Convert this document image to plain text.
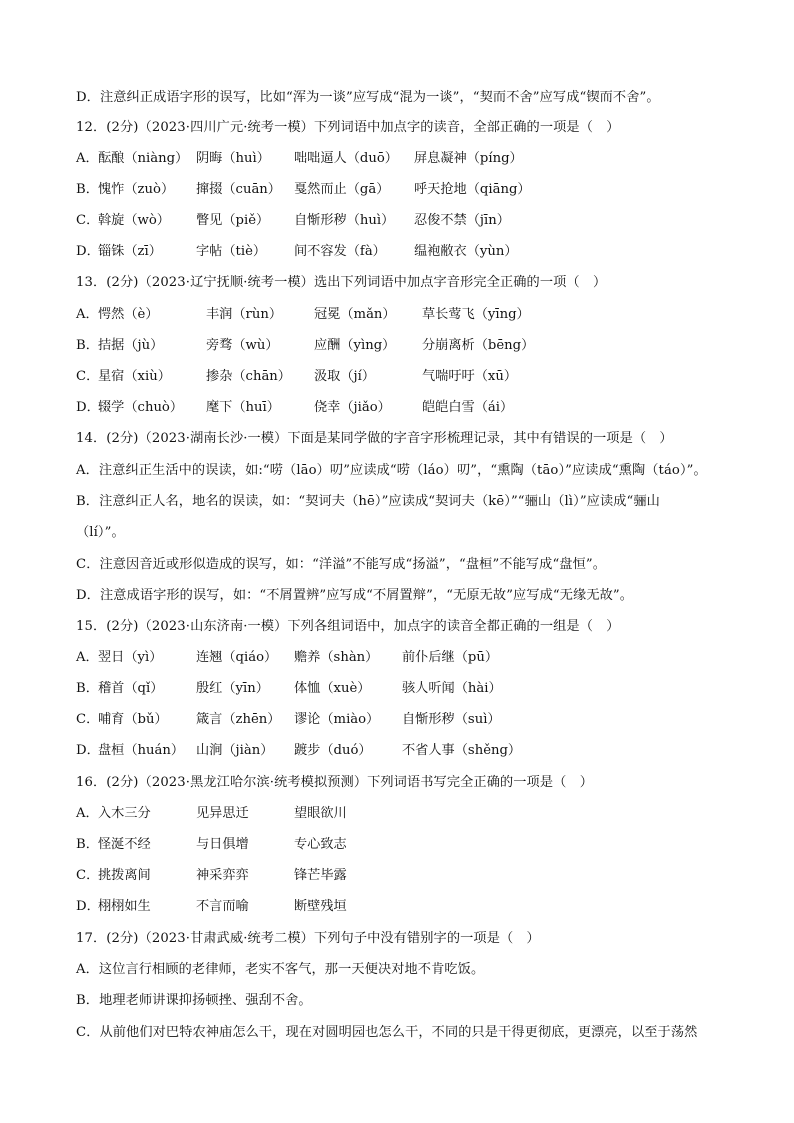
D．注意纠正成语字形的误写，比如“浑为一谈”应写成“混为一谈”，“契而不舍”应写成“锲而不舍”。
12．(2分)（2023·四川广元·统考一模）下列词语中加点字的读音，全部正确的一项是（　）
A．酝酿（niàng） 阴晦（huì） 咄咄逼人（duō） 屏息凝神（píng）
B．愧怍（zuò） 撺掇（cuān） 戛然而止（gā） 呼天抢地（qiāng）
C．斡旋（wò） 瞥见（piě） 自惭形秽（huì） 忍俊不禁（jīn）
D．锱铢（zī）	字帖（tiè） 间不容发（fà） 缊袍敝衣（yùn）
13．(2分)（2023·辽宁抚顺·统考一模）选出下列词语中加点字音形完全正确的一项（　）
A．愕然（è）	丰润（rùn） 冠冕（mǎn） 草长莺飞（yīng）
B．拮据（jù）	旁骛（wù）	应酬（yìng） 分崩离析（bēng）
C．星宿（xiù）	掺杂（chān） 汲取（jí）	气喘吁吁（xū）
D．辍学（chuò） 麾下（huī）	侥幸（jiǎo） 皑皑白雪（ái）
14．(2分)（2023·湖南长沙·一模）下面是某同学做的字音字形梳理记录，其中有错误的一项是（　）
A．注意纠正生活中的误读，如:“唠（lāo）叨”应读成“唠（láo）叨”，“熏陶（tāo）”应读成“熏陶（táo）”。
B．注意纠正人名，地名的误读，如：“契诃夫（hē）”应读成“契诃夫（kē）”“骊山（lì）”应读成“骊山
（lí）”。
C．注意因音近或形似造成的误写，如：“洋溢”不能写成“扬溢”，“盘桓”不能写成“盘恒”。
D．注意成语字形的误写，如：“不屑置辨”应写成“不屑置辩”，“无原无故”应写成“无缘无故”。
15．(2分)（2023·山东济南·一模）下列各组词语中，加点字的读音全都正确的一组是（　）
A．翌日（yì）	连翘（qiáo） 赡养（shàn） 前仆后继（pū）
B．稽首（qǐ） 殷红（yīn） 体恤（xuè） 骇人听闻（hài）
C．哺育（bǔ） 箴言（zhēn） 谬论（miào） 自惭形秽（suì）
D．盘桓（huán） 山涧（jiàn） 踱步（duó） 不省人事（shěng）
16．(2分)（2023·黑龙江哈尔滨·统考模拟预测）下列词语书写完全正确的一项是（　）
A．入木三分	见异思迁	望眼欲川
B．怪涎不经	与日俱增	专心致志
C．挑拨离间	神采弈弈	锋芒毕露
D．栩栩如生	不言而喻	断壁残垣
17．(2分)（2023·甘肃武威·统考二模）下列句子中没有错别字的一项是（　）
A．这位言行相顾的老律师，老实不客气，那一天便决对地不肯吃饭。
B．地理老师讲课抑扬顿挫、强刮不舍。
C．从前他们对巴特农神庙怎么干，现在对圆明园也怎么干，不同的只是干得更彻底，更漂亮，以至于荡然
